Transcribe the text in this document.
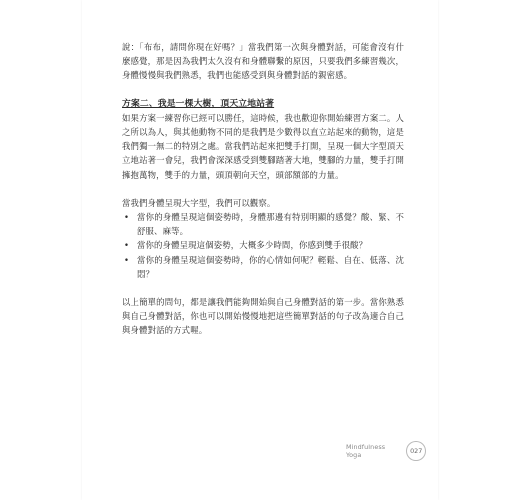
說：「布布，請問你現在好嗎？」當我們第一次與身體對話，可能會沒有什麼感覺，那是因為我們太久沒有和身體聯繫的原因，只要我們多練習幾次，身體慢慢與我們熟悉，我們也能感受到與身體對話的親密感。

方案二、我是一棵大樹，頂天立地站著

如果方案一練習你已經可以勝任，這時候，我也歡迎你開始練習方案二。人之所以為人，與其他動物不同的是我們是少數得以直立站起來的動物，這是我們獨一無二的特別之處。當我們站起來把雙手打開，呈現一個大字型頂天立地站著一會兒，我們會深深感受到雙腳踏著大地，雙腳的力量，雙手打開擁抱萬物，雙手的力量，頭頂朝向天空，頭部額部的力量。

當我們身體呈現大字型，我們可以觀察。

• 當你的身體呈現這個姿勢時，身體那邊有特別明顯的感覺？酸、緊、不舒服、麻等。
• 當你的身體呈現這個姿勢，大概多少時間，你感到雙手很酸？
• 當你的身體呈現這個姿勢時，你的心情如何呢？輕鬆、自在、低落、沈悶？

以上簡單的問句，都是讓我們能夠開始與自己身體對話的第一步。當你熟悉與自己身體對話，你也可以開始慢慢地把這些簡單對話的句子改為適合自己與身體對話的方式喔。

Mindfulness Yoga	027
